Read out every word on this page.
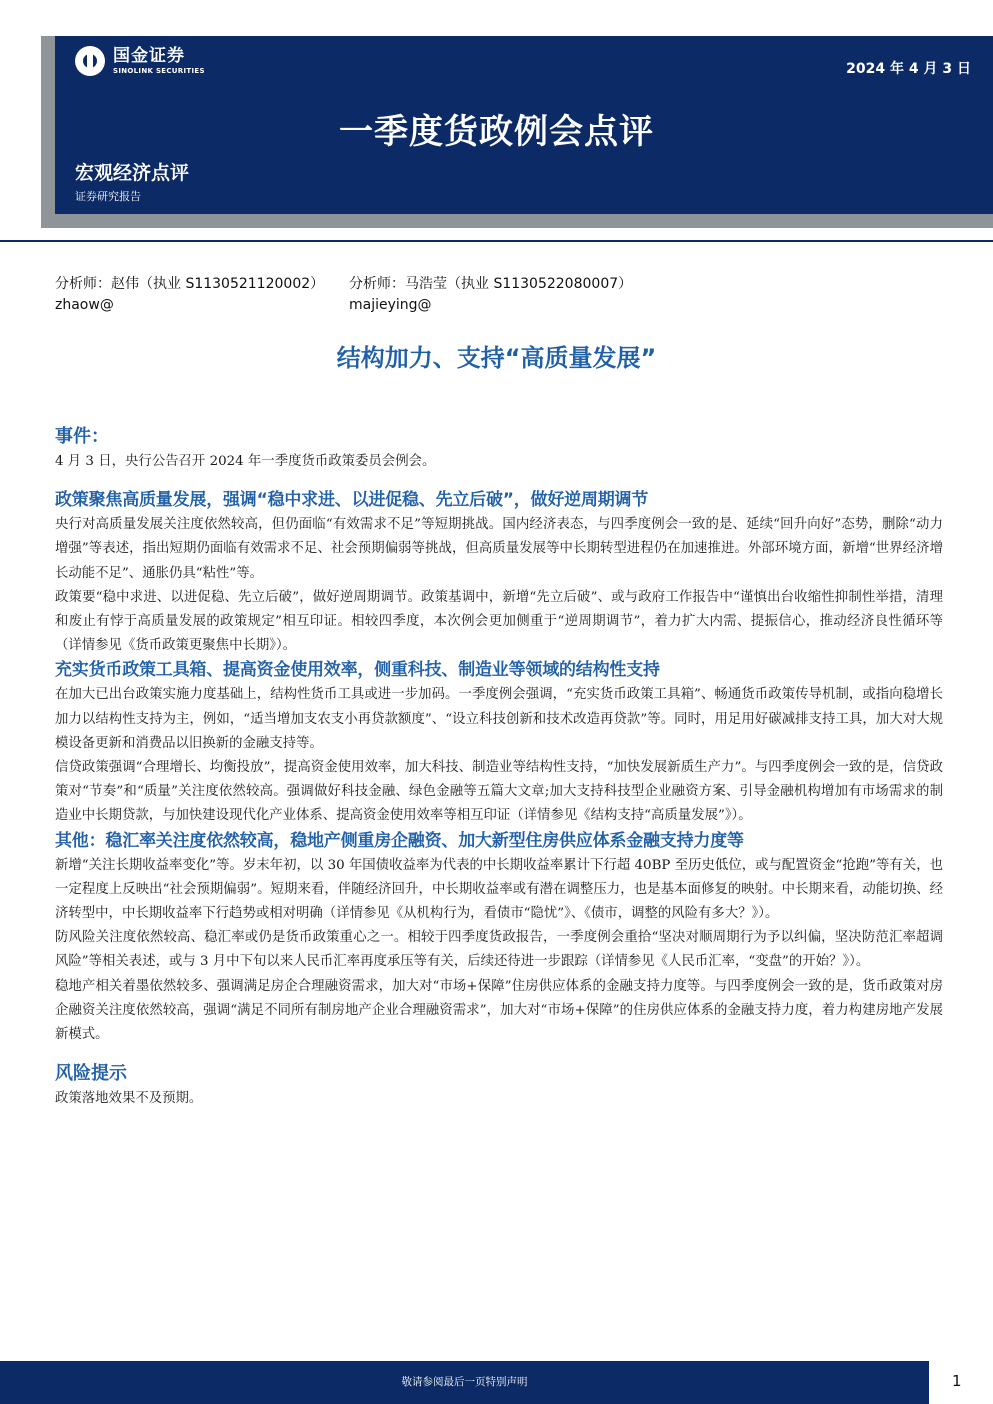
国金证券
SINOLINK SECURITIES	2024 年 4 月 3 日
一季度货政例会点评
宏观经济点评
证券研究报告
分析师：赵伟（执业 S1130521120002）
zhaow@
分析师：马浩莹（执业 S1130522080007）
majieying@
结构加力、支持“高质量发展”
事件：

4 月 3 日，央行公告召开 2024 年一季度货币政策委员会例会。

政策聚焦高质量发展，强调“稳中求进、以进促稳、先立后破”，做好逆周期调节

央行对高质量发展关注度依然较高，但仍面临“有效需求不足”等短期挑战。国内经济表态，与四季度例会一致的是、延续“回升向好”态势，删除“动力增强”等表述，指出短期仍面临有效需求不足、社会预期偏弱等挑战，但高质量发展等中长期转型进程仍在加速推进。外部环境方面，新增“世界经济增长动能不足”、通胀仍具“粘性”等。

政策要“稳中求进、以进促稳、先立后破”，做好逆周期调节。政策基调中，新增“先立后破”、或与政府工作报告中“谨慎出台收缩性抑制性举措，清理和废止有悖于高质量发展的政策规定”相互印证。相较四季度，本次例会更加侧重于“逆周期调节”，着力扩大内需、提振信心，推动经济良性循环等（详情参见《货币政策更聚焦中长期》）。

充实货币政策工具箱、提高资金使用效率，侧重科技、制造业等领域的结构性支持

在加大已出台政策实施力度基础上，结构性货币工具或进一步加码。一季度例会强调，“充实货币政策工具箱”、畅通货币政策传导机制，或指向稳增长加力以结构性支持为主，例如，“适当增加支农支小再贷款额度”、“设立科技创新和技术改造再贷款”等。同时，用足用好碳减排支持工具，加大对大规模设备更新和消费品以旧换新的金融支持等。

信贷政策强调“合理增长、均衡投放”，提高资金使用效率，加大科技、制造业等结构性支持，“加快发展新质生产力”。与四季度例会一致的是，信贷政策对“节奏”和“质量”关注度依然较高。强调做好科技金融、绿色金融等五篇大文章;加大支持科技型企业融资方案、引导金融机构增加有市场需求的制造业中长期贷款，与加快建设现代化产业体系、提高资金使用效率等相互印证（详情参见《结构支持“高质量发展”》）。

其他：稳汇率关注度依然较高，稳地产侧重房企融资、加大新型住房供应体系金融支持力度等

新增“关注长期收益率变化”等。岁末年初，以 30 年国债收益率为代表的中长期收益率累计下行超 40BP 至历史低位，或与配置资金“抢跑”等有关，也一定程度上反映出“社会预期偏弱”。短期来看，伴随经济回升，中长期收益率或有潜在调整压力，也是基本面修复的映射。中长期来看，动能切换、经济转型中，中长期收益率下行趋势或相对明确（详情参见《从机构行为，看债市“隐忧”》、《债市，调整的风险有多大？》）。

防风险关注度依然较高、稳汇率或仍是货币政策重心之一。相较于四季度货政报告，一季度例会重拾“坚决对顺周期行为予以纠偏，坚决防范汇率超调风险”等相关表述，或与 3 月中下旬以来人民币汇率再度承压等有关，后续还待进一步跟踪（详情参见《人民币汇率，“变盘”的开始？》）。

稳地产相关着墨依然较多、强调满足房企合理融资需求，加大对“市场+保障”住房供应体系的金融支持力度等。与四季度例会一致的是，货币政策对房企融资关注度依然较高，强调“满足不同所有制房地产企业合理融资需求”，加大对“市场+保障”的住房供应体系的金融支持力度，着力构建房地产发展新模式。

风险提示

政策落地效果不及预期。

敬请参阅最后一页特别声明	1
